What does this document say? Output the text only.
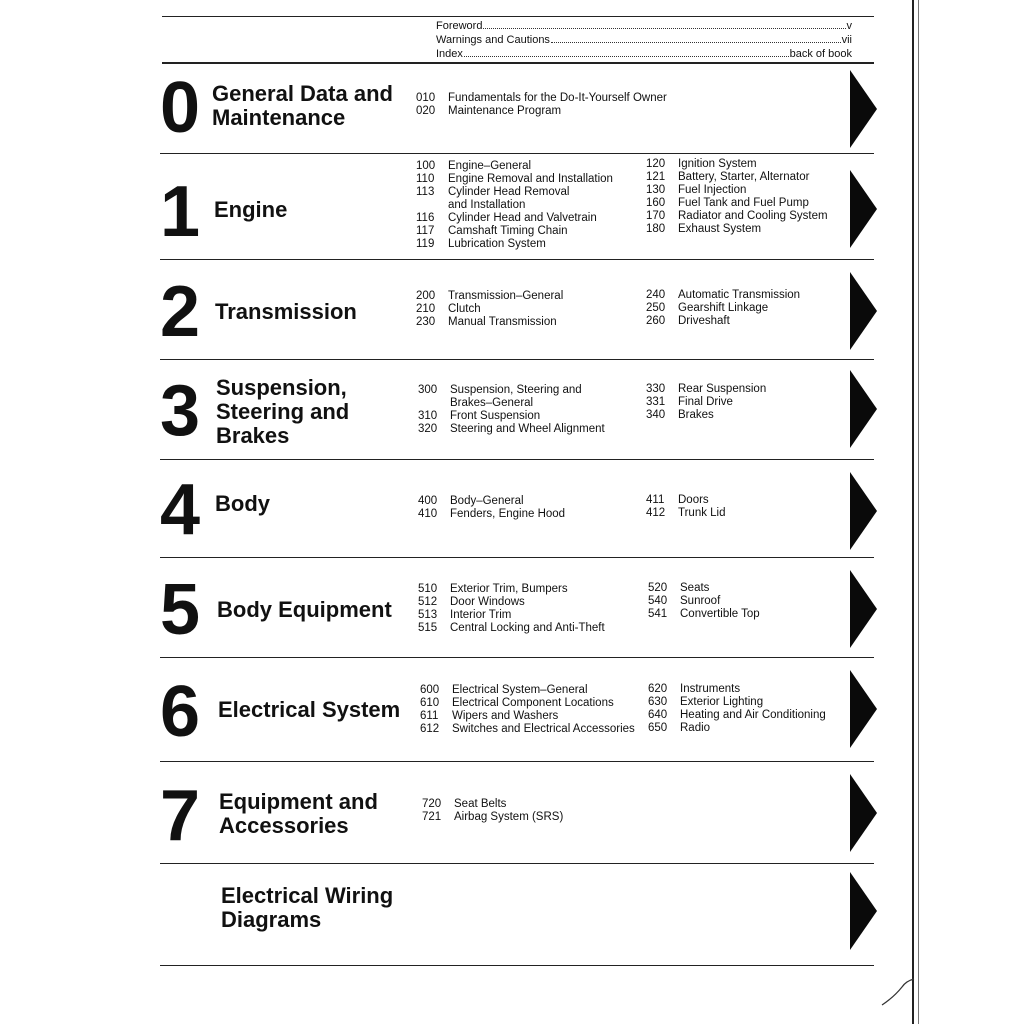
Foreword	v
Warnings and Cautions	vii
Index	back of book
0 General Data and
Maintenance
010	Fundamentals for the Do-It-Yourself Owner
020	Maintenance Program
1 Engine
100	Engine–General
110	Engine Removal and Installation
113	Cylinder Head Removal
and Installation
116	Cylinder Head and Valvetrain
117	Camshaft Timing Chain
119	Lubrication System
120	Ignition System
121	Battery, Starter, Alternator
130	Fuel Injection
160	Fuel Tank and Fuel Pump
170	Radiator and Cooling System
180	Exhaust System
2 Transmission
200	Transmission–General
210	Clutch
230	Manual Transmission
240	Automatic Transmission
250	Gearshift Linkage
260	Driveshaft
3 Suspension,
Steering and
Brakes
300	Suspension, Steering and
Brakes–General
310	Front Suspension
320	Steering and Wheel Alignment
330	Rear Suspension
331	Final Drive
340	Brakes
4 Body	400	Body–General
410	Fenders, Engine Hood
411	Doors
412	Trunk Lid
5 Body Equipment
510	Exterior Trim, Bumpers
512	Door Windows
513	Interior Trim
515	Central Locking and Anti-Theft
520	Seats
540	Sunroof
541	Convertible Top
6 Electrical System
600	Electrical System–General
610	Electrical Component Locations
611	Wipers and Washers
612	Switches and Electrical Accessories
620	Instruments
630	Exterior Lighting
640	Heating and Air Conditioning
650	Radio
7 Equipment and
Accessories
720	Seat Belts
721	Airbag System (SRS)
Electrical Wiring
Diagrams
